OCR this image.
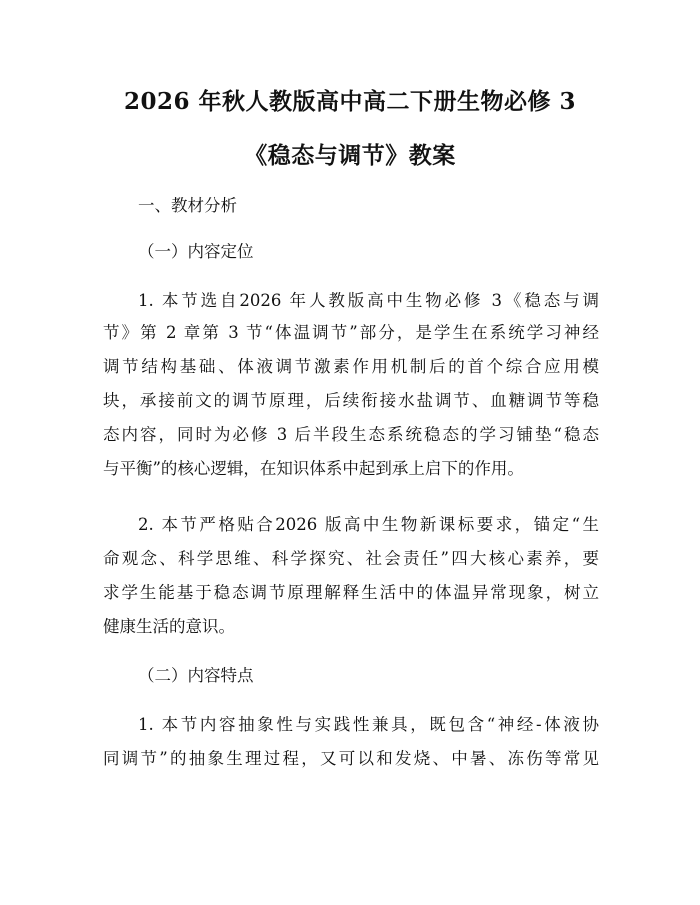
2026 年秋人教版高中高二下册生物必修 3
《稳态与调节》教案
一、教材分析
（一）内容定位
1. 本节选自2026 年人教版高中生物必修 3《稳态与调
节》第 2 章第 3 节“体温调节”部分，是学生在系统学习神经
调节结构基础、体液调节激素作用机制后的首个综合应用模
块，承接前文的调节原理，后续衔接水盐调节、血糖调节等稳
态内容，同时为必修 3 后半段生态系统稳态的学习铺垫“稳态
与平衡”的核心逻辑，在知识体系中起到承上启下的作用。
2. 本节严格贴合2026 版高中生物新课标要求，锚定“生
命观念、科学思维、科学探究、社会责任”四大核心素养，要
求学生能基于稳态调节原理解释生活中的体温异常现象，树立
健康生活的意识。
（二）内容特点
1. 本节内容抽象性与实践性兼具，既包含“神经-体液协
同调节”的抽象生理过程，又可以和发烧、中暑、冻伤等常见
